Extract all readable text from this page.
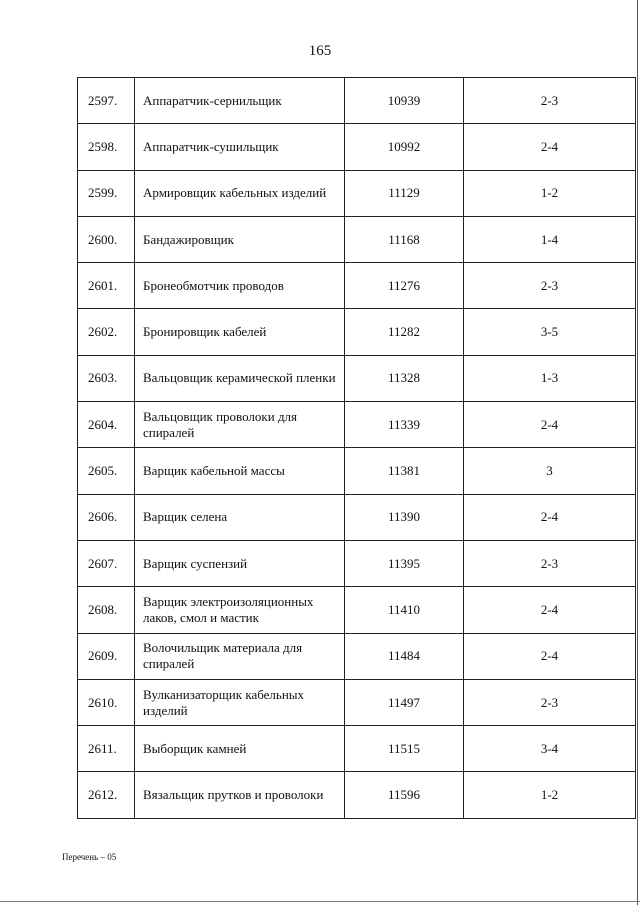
165
2597.	Аппаратчик-сернильщик	10939	2-3
2598.	Аппаратчик-сушильщик	10992	2-4
2599.	Армировщик кабельных изделий	11129	1-2
2600.	Бандажировщик	11168	1-4
2601.	Бронеобмотчик проводов	11276	2-3
2602.	Бронировщик кабелей	11282	3-5
2603.	Вальцовщик керамической пленки	11328	1-3
2604.	Вальцовщик проволоки для спиралей	11339	2-4
2605.	Варщик кабельной массы	11381	3
2606.	Варщик селена	11390	2-4
2607.	Варщик суспензий	11395	2-3
2608.	Варщик электроизоляционных лаков, смол и мастик	11410	2-4
2609.	Волочильщик материала для спиралей	11484	2-4
2610.	Вулканизаторщик кабельных изделий	11497	2-3
2611.	Выборщик камней	11515	3-4
2612.	Вязальщик прутков и проволоки	11596	1-2
Перечень – 05
